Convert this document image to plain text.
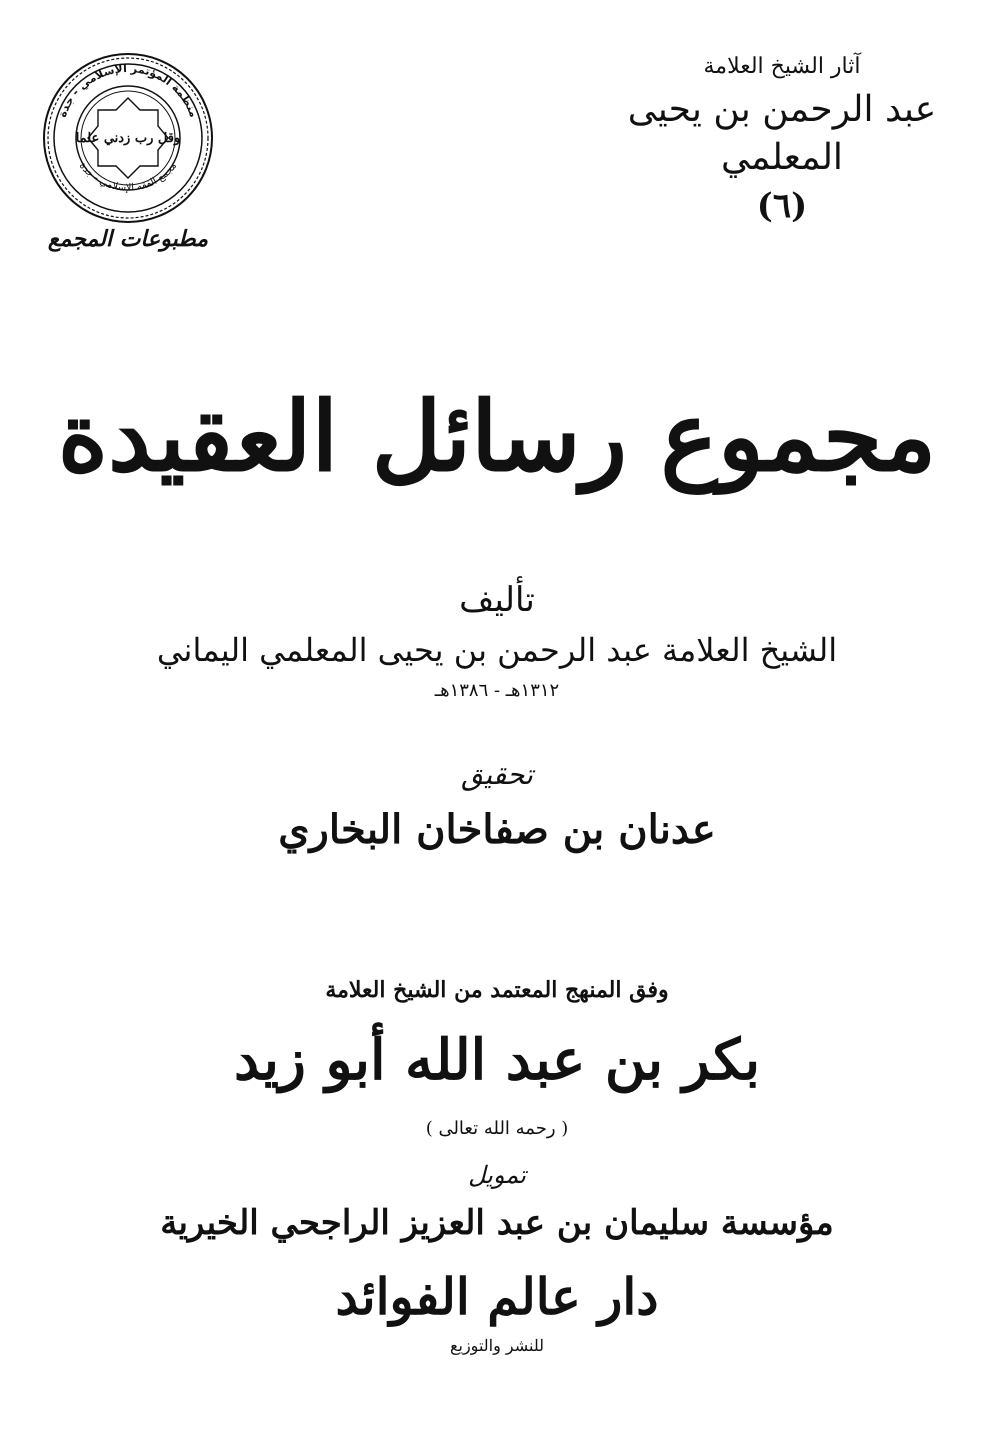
آثار الشيخ العلامة
عبد الرحمن بن يحيى المعلمي
(٦)
منظمة المؤتمر الإسلامي - جدة
مجمع الفقه الإسلامي - جدة
وقل رب زدني علما
مطبوعات المجمع
مجموع رسائل العقيدة
تأليف
الشيخ العلامة عبد الرحمن بن يحيى المعلمي اليماني
١٣١٢هـ - ١٣٨٦هـ
تحقيق
عدنان بن صفاخان البخاري
وفق المنهج المعتمد من الشيخ العلامة
بكر بن عبد الله أبو زيد
( رحمه الله تعالى )
تمويل
مؤسسة سليمان بن عبد العزيز الراجحي الخيرية
دار عالم الفوائد
للنشر والتوزيع
